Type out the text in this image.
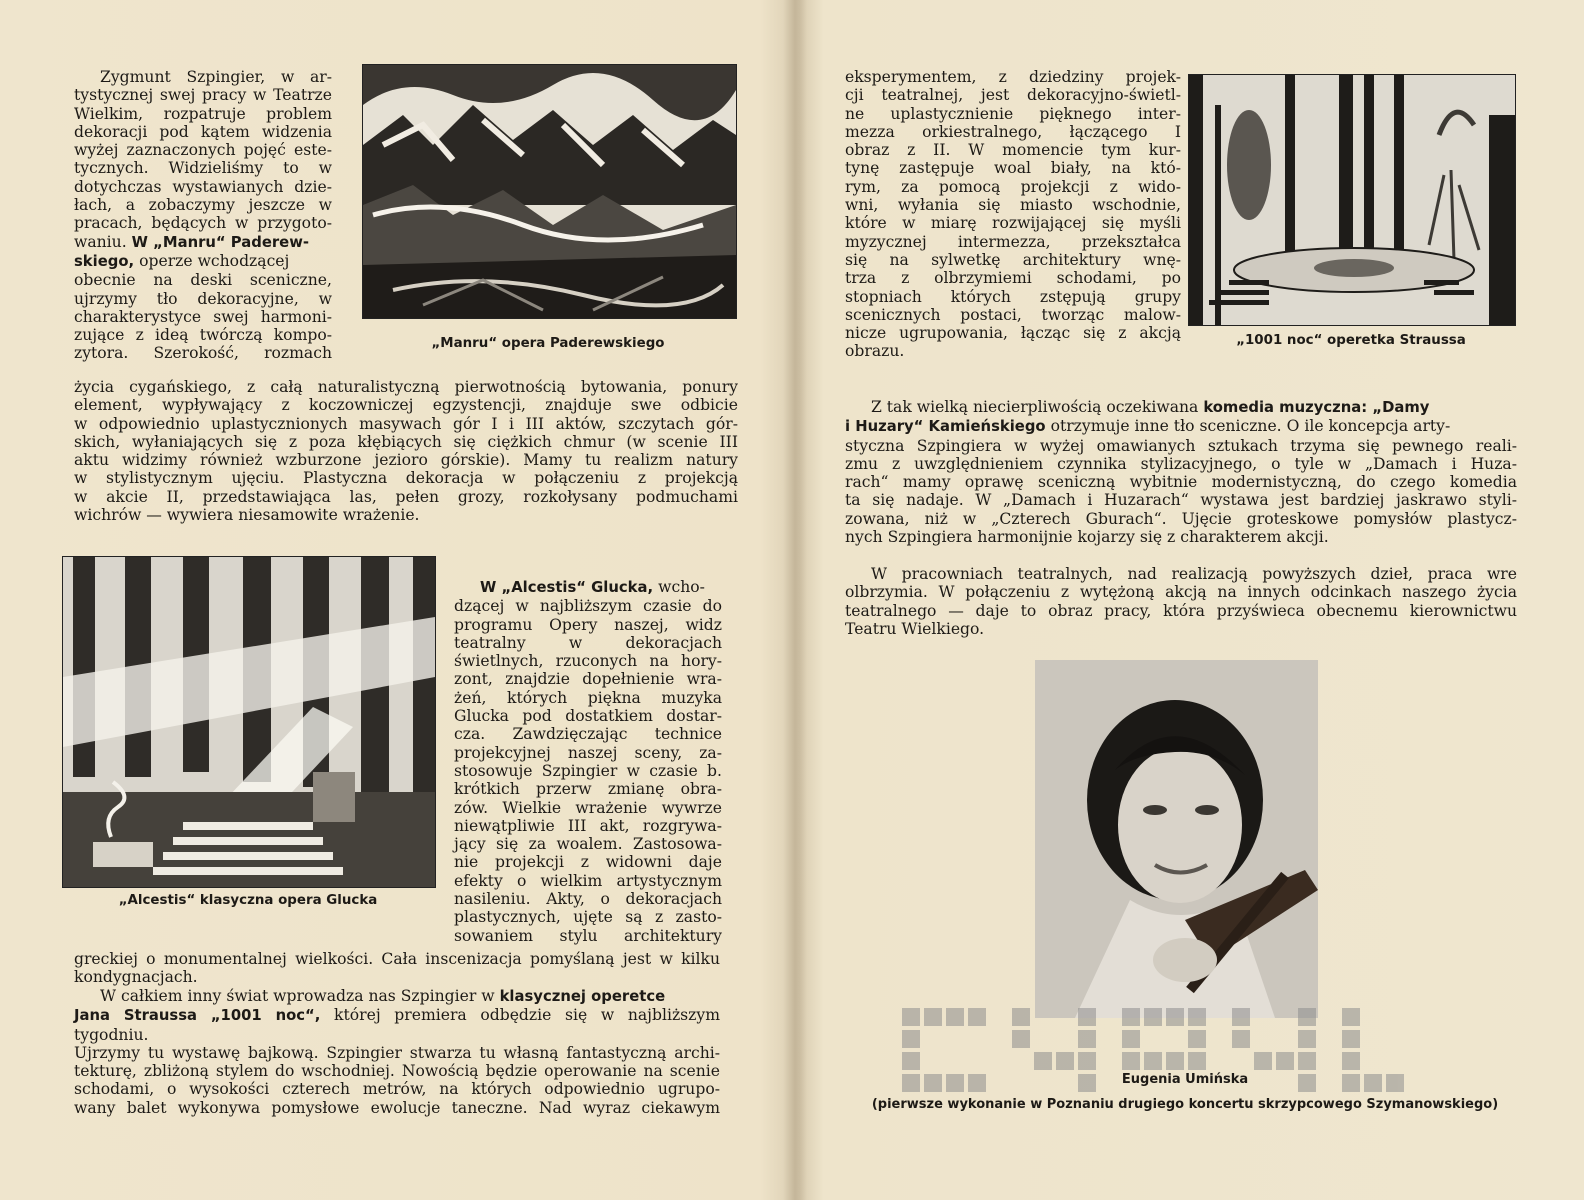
Zygmunt Szpingier, w ar-

tystycznej swej pracy w Teatrze

Wielkim, rozpatruje problem

dekoracji pod kątem widzenia

wyżej zaznaczonych pojęć este-

tycznych. Widzieliśmy to w

dotychczas wystawianych dzie-

łach, a zobaczymy jeszcze w

pracach, będących w przygoto-

waniu. W „Manru“ Paderew-

skiego, operze wchodzącej

obecnie na deski sceniczne,

ujrzymy tło dekoracyjne, w

charakterystyce swej harmoni-

zujące z ideą twórczą kompo-

zytora. Szerokość, rozmach

„Manru“ opera Paderewskiego

życia cygańskiego, z całą naturalistyczną pierwotnością bytowania, ponury

element, wypływający z koczowniczej egzystencji, znajduje swe odbicie

w odpowiednio uplastycznionych masywach gór I i III aktów, szczytach gór-

skich, wyłaniających się z poza kłębiących się ciężkich chmur (w scenie III

aktu widzimy również wzburzone jezioro górskie). Mamy tu realizm natury

w stylistycznym ujęciu. Plastyczna dekoracja w połączeniu z projekcją

w akcie II, przedstawiająca las, pełen grozy, rozkołysany podmuchami

wichrów — wywiera niesamowite wrażenie.

„Alcestis“ klasyczna opera Glucka

W „Alcestis“ Glucka, wcho-

dzącej w najbliższym czasie do

programu Opery naszej, widz

teatralny w dekoracjach

świetlnych, rzuconych na hory-

zont, znajdzie dopełnienie wra-

żeń, których piękna muzyka

Glucka pod dostatkiem dostar-

cza. Zawdzięczając technice

projekcyjnej naszej sceny, za-

stosowuje Szpingier w czasie b.

krótkich przerw zmianę obra-

zów. Wielkie wrażenie wywrze

niewątpliwie III akt, rozgrywa-

jący się za woalem. Zastosowa-

nie projekcji z widowni daje

efekty o wielkim artystycznym

nasileniu. Akty, o dekoracjach

plastycznych, ujęte są z zasto-

sowaniem stylu architektury

greckiej o monumentalnej wielkości. Cała inscenizacja pomyślaną jest w kilku

kondygnacjach.

W całkiem inny świat wprowadza nas Szpingier w klasycznej operetce

Jana Straussa „1001 noc“, której premiera odbędzie się w najbliższym tygodniu.

Ujrzymy tu wystawę bajkową. Szpingier stwarza tu własną fantastyczną archi-

tekturę, zbliżoną stylem do wschodniej. Nowością będzie operowanie na scenie

schodami, o wysokości czterech metrów, na których odpowiednio ugrupo-

wany balet wykonywa pomysłowe ewolucje taneczne. Nad wyraz ciekawym

eksperymentem, z dziedziny projek-

cji teatralnej, jest dekoracyjno-świetl-

ne uplastycznienie pięknego inter-

mezza orkiestralnego, łączącego I

obraz z II. W momencie tym kur-

tynę zastępuje woal biały, na któ-

rym, za pomocą projekcji z wido-

wni, wyłania się miasto wschodnie,

które w miarę rozwijającej się myśli

myzycznej intermezza, przekształca

się na sylwetkę architektury wnę-

trza z olbrzymiemi schodami, po

stopniach których zstępują grupy

scenicznych postaci, tworząc malow-

nicze ugrupowania, łącząc się z akcją

obrazu.

„1001 noc“ operetka Straussa

Z tak wielką niecierpliwością oczekiwana komedia muzyczna: „Damy

i Huzary“ Kamieńskiego otrzymuje inne tło sceniczne. O ile koncepcja arty-

styczna Szpingiera w wyżej omawianych sztukach trzyma się pewnego reali-

zmu z uwzględnieniem czynnika stylizacyjnego, o tyle w „Damach i Huza-

rach“ mamy oprawę sceniczną wybitnie modernistyczną, do czego komedia

ta się nadaje. W „Damach i Huzarach“ wystawa jest bardziej jaskrawo styli-

zowana, niż w „Czterech Gburach“. Ujęcie groteskowe pomysłów plastycz-

nych Szpingiera harmonijnie kojarzy się z charakterem akcji.

W pracowniach teatralnych, nad realizacją powyższych dzieł, praca wre

olbrzymia. W połączeniu z wytężoną akcją na innych odcinkach naszego życia

teatralnego — daje to obraz pracy, która przyświeca obecnemu kierownictwu

Teatru Wielkiego.

Eugenia Umińska
(pierwsze wykonanie w Poznaniu drugiego koncertu skrzypcowego Szymanowskiego)
